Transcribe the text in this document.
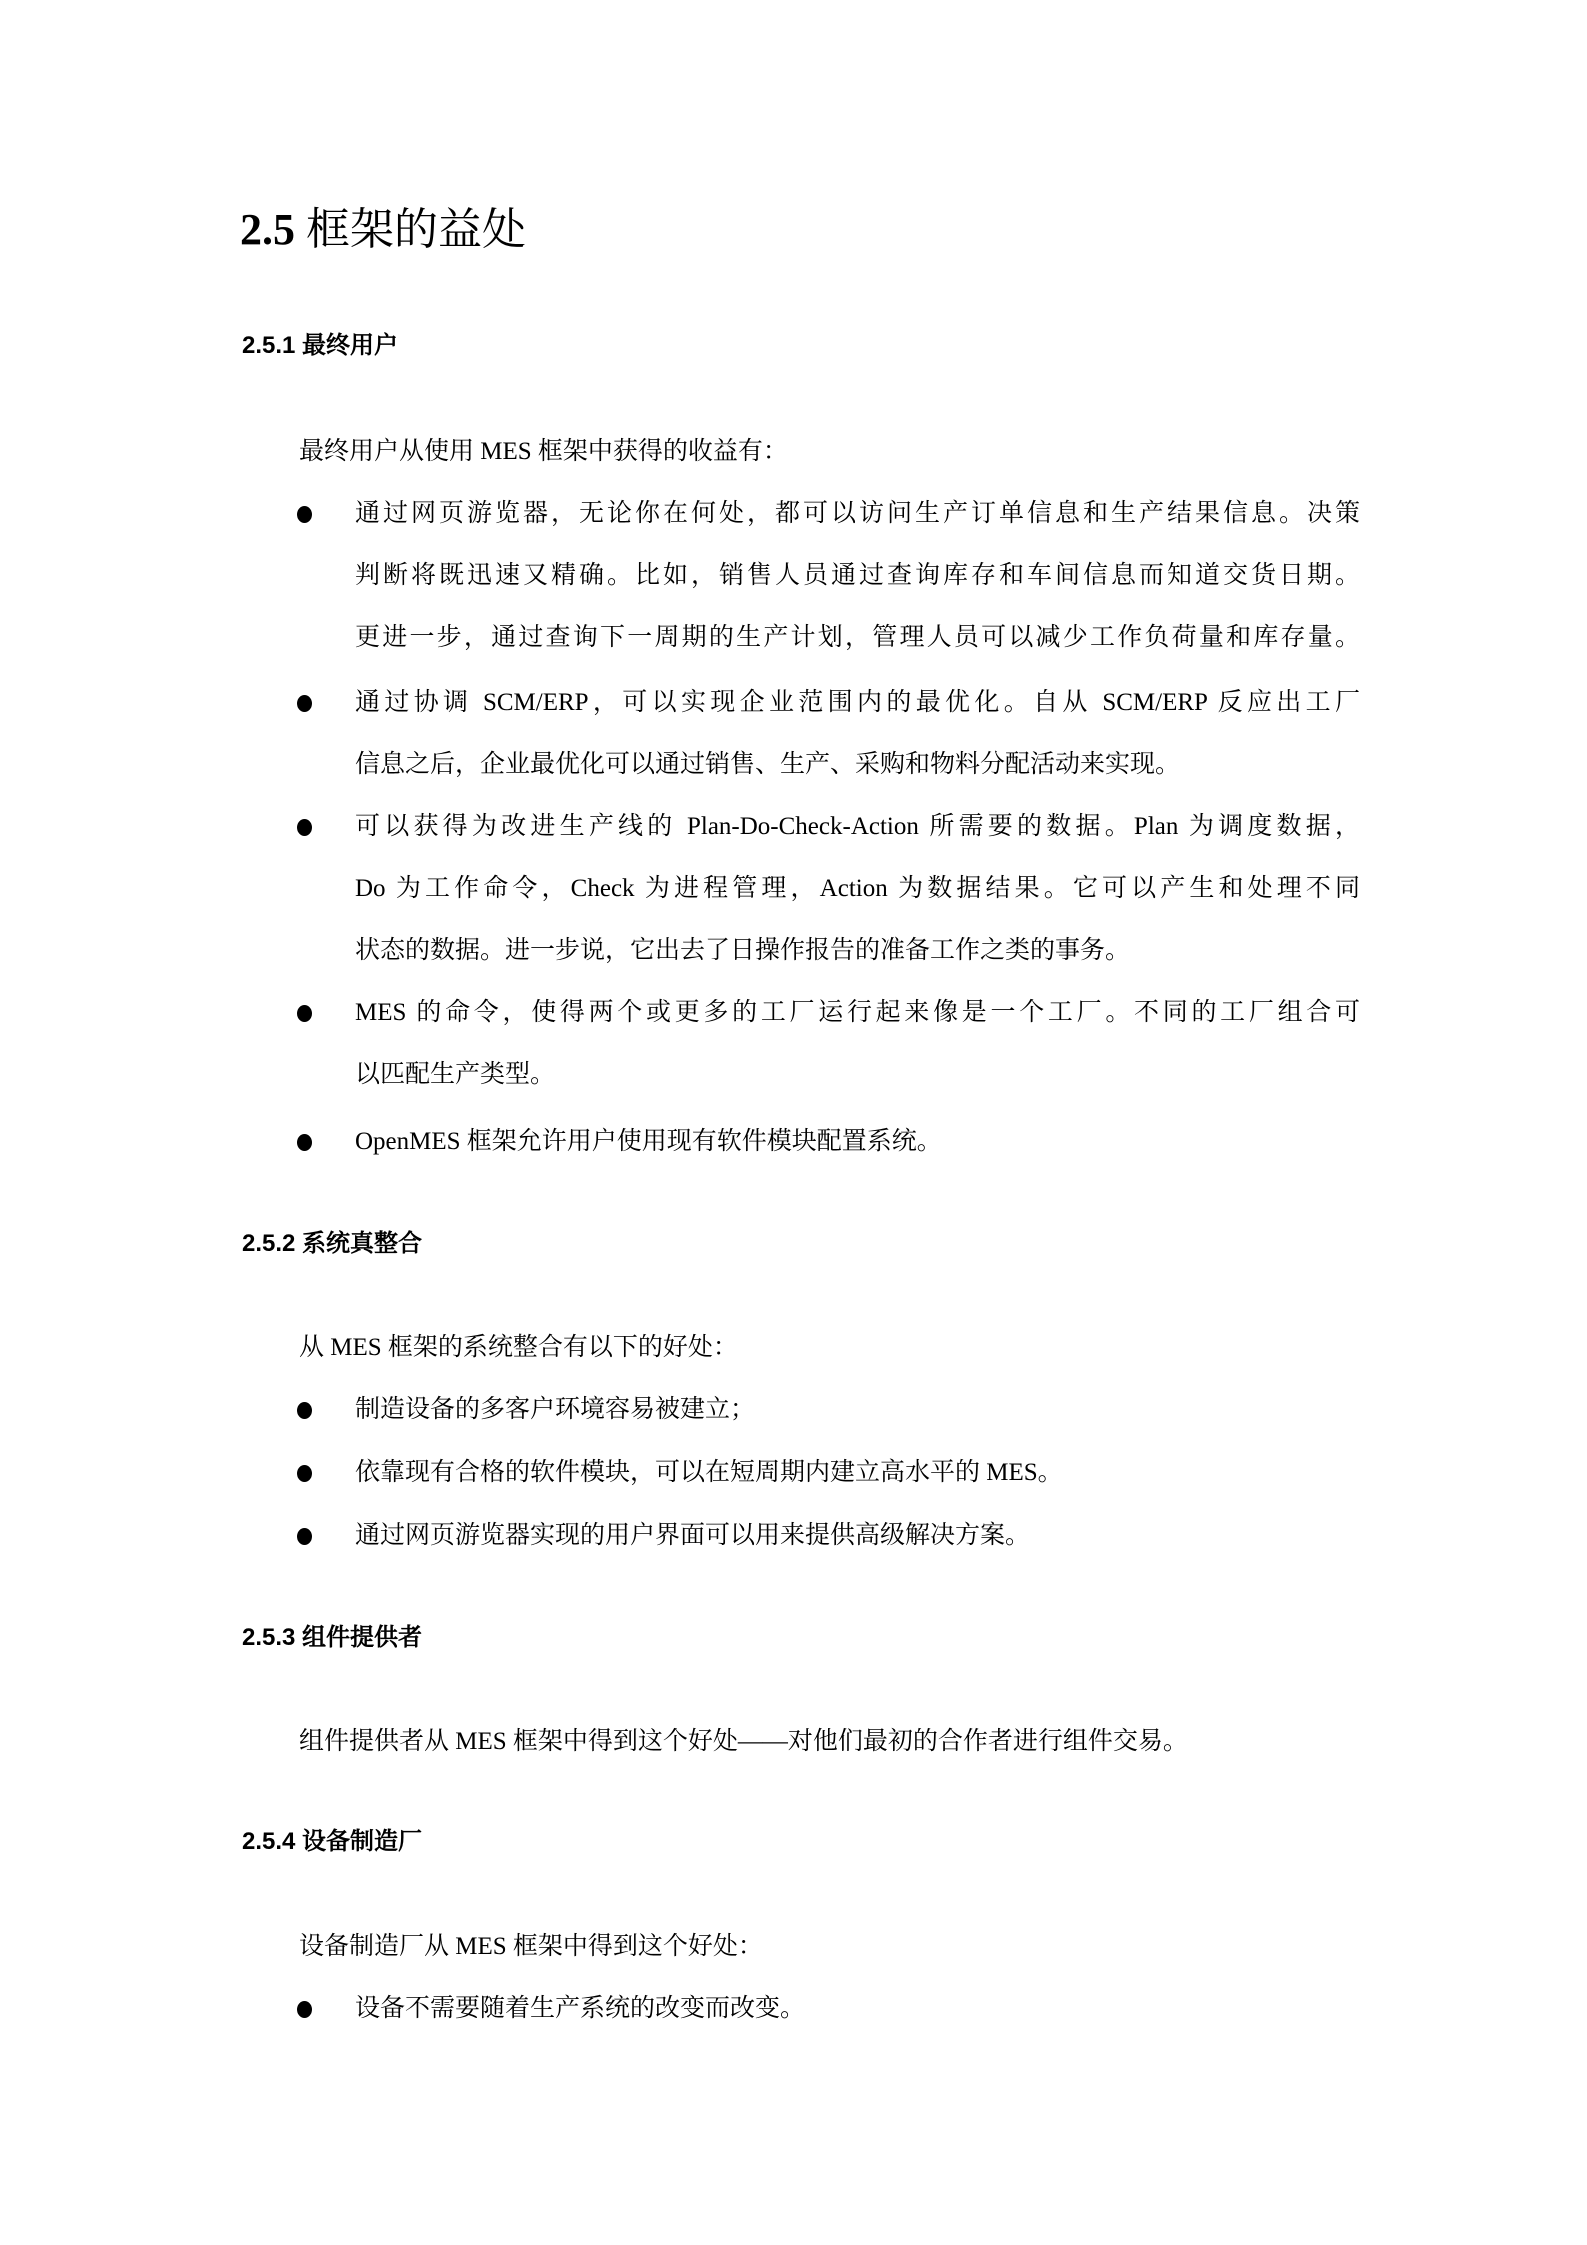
2.5 框架的益处
2.5.1 最终用户
最终用户从使用 MES 框架中获得的收益有：
通过网页游览器，无论你在何处，都可以访问生产订单信息和生产结果信息。决策
判断将既迅速又精确。比如，销售人员通过查询库存和车间信息而知道交货日期。
更进一步，通过查询下一周期的生产计划，管理人员可以减少工作负荷量和库存量。
通过协调 SCM/ERP，可以实现企业范围内的最优化。自从 SCM/ERP 反应出工厂
信息之后，企业最优化可以通过销售、生产、采购和物料分配活动来实现。
可以获得为改进生产线的 Plan-Do-Check-Action 所需要的数据。Plan 为调度数据，
Do 为工作命令，Check 为进程管理，Action 为数据结果。它可以产生和处理不同
状态的数据。进一步说，它出去了日操作报告的准备工作之类的事务。
MES 的命令，使得两个或更多的工厂运行起来像是一个工厂。不同的工厂组合可
以匹配生产类型。
OpenMES 框架允许用户使用现有软件模块配置系统。
2.5.2 系统真整合
从 MES 框架的系统整合有以下的好处：
制造设备的多客户环境容易被建立；
依靠现有合格的软件模块，可以在短周期内建立高水平的 MES。
通过网页游览器实现的用户界面可以用来提供高级解决方案。
2.5.3 组件提供者
组件提供者从 MES 框架中得到这个好处——对他们最初的合作者进行组件交易。
2.5.4 设备制造厂
设备制造厂从 MES 框架中得到这个好处：
设备不需要随着生产系统的改变而改变。
